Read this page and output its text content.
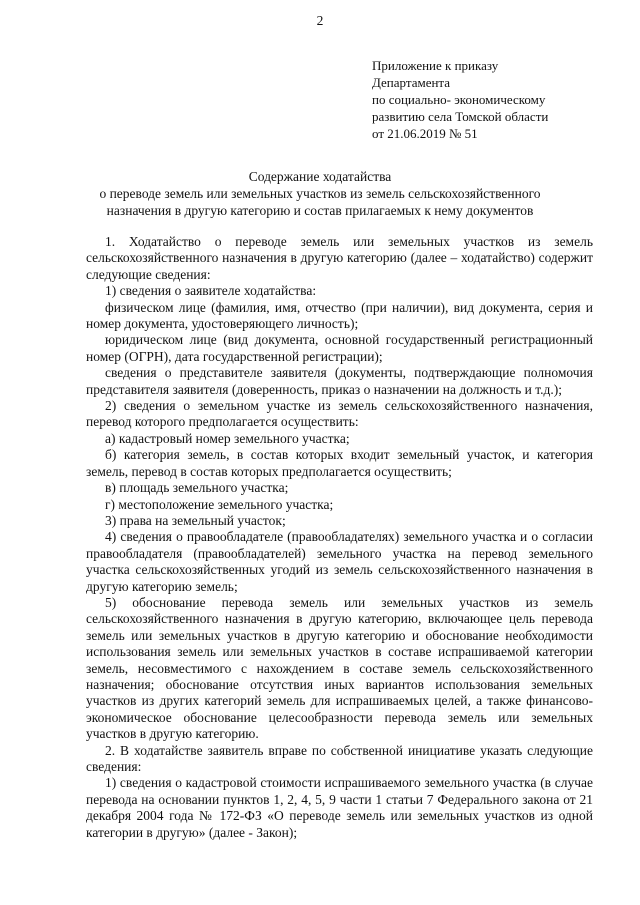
2
Приложение к приказу
Департамента
по социально- экономическому
развитию села Томской области
от 21.06.2019 № 51
Содержание ходатайства
о переводе земель или земельных участков из земель сельскохозяйственного
назначения в другую категорию и состав прилагаемых к нему документов

1. Ходатайство о переводе земель или земельных участков из земель сельскохозяйственного назначения в другую категорию (далее – ходатайство) содержит следующие сведения:

1) сведения о заявителе ходатайства:

физическом лице (фамилия, имя, отчество (при наличии), вид документа, серия и номер документа, удостоверяющего личность);

юридическом лице (вид документа, основной государственный регистрационный номер (ОГРН), дата государственной регистрации);

сведения о представителе заявителя (документы, подтверждающие полномочия представителя заявителя (доверенность, приказ о назначении на должность и т.д.);

2) сведения о земельном участке из земель сельскохозяйственного назначения, перевод которого предполагается осуществить:

а) кадастровый номер земельного участка;

б) категория земель, в состав которых входит земельный участок, и категория земель, перевод в состав которых предполагается осуществить;

в) площадь земельного участка;

г) местоположение земельного участка;

3) права на земельный участок;

4) сведения о правообладателе (правообладателях) земельного участка и о согласии правообладателя (правообладателей) земельного участка на перевод земельного участка сельскохозяйственных угодий из земель сельскохозяйственного назначения в другую категорию земель;

5) обоснование перевода земель или земельных участков из земель сельскохозяйственного назначения в другую категорию, включающее цель перевода земель или земельных участков в другую категорию и обоснование необходимости использования земель или земельных участков в составе испрашиваемой категории земель, несовместимого с нахождением в составе земель сельскохозяйственного назначения; обоснование отсутствия иных вариантов использования земельных участков из других категорий земель для испрашиваемых целей, а также финансово-экономическое обоснование целесообразности перевода земель или земельных участков в другую категорию.

2. В ходатайстве заявитель вправе по собственной инициативе указать следующие сведения:

1) сведения о кадастровой стоимости испрашиваемого земельного участка (в случае перевода на основании пунктов 1, 2, 4, 5, 9 части 1 статьи 7 Федерального закона от 21 декабря 2004 года № 172-ФЗ «О переводе земель или земельных участков из одной категории в другую» (далее - Закон);
